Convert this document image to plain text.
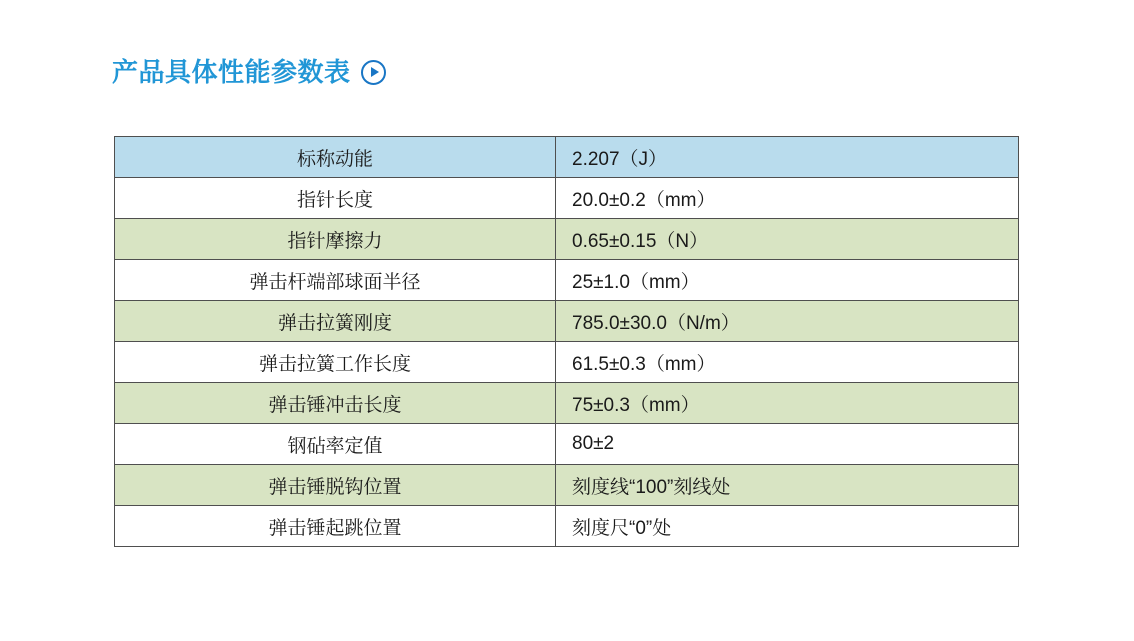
产品具体性能参数表
标称动能	2.207（J）
指针长度	20.0±0.2（mm）
指针摩擦力	0.65±0.15（N）
弹击杆端部球面半径	25±1.0（mm）
弹击拉簧刚度	785.0±30.0（N/m）
弹击拉簧工作长度	61.5±0.3（mm）
弹击锤冲击长度	75±0.3（mm）
钢砧率定值	80±2
弹击锤脱钩位置	刻度线“100”刻线处
弹击锤起跳位置	刻度尺“0”处
